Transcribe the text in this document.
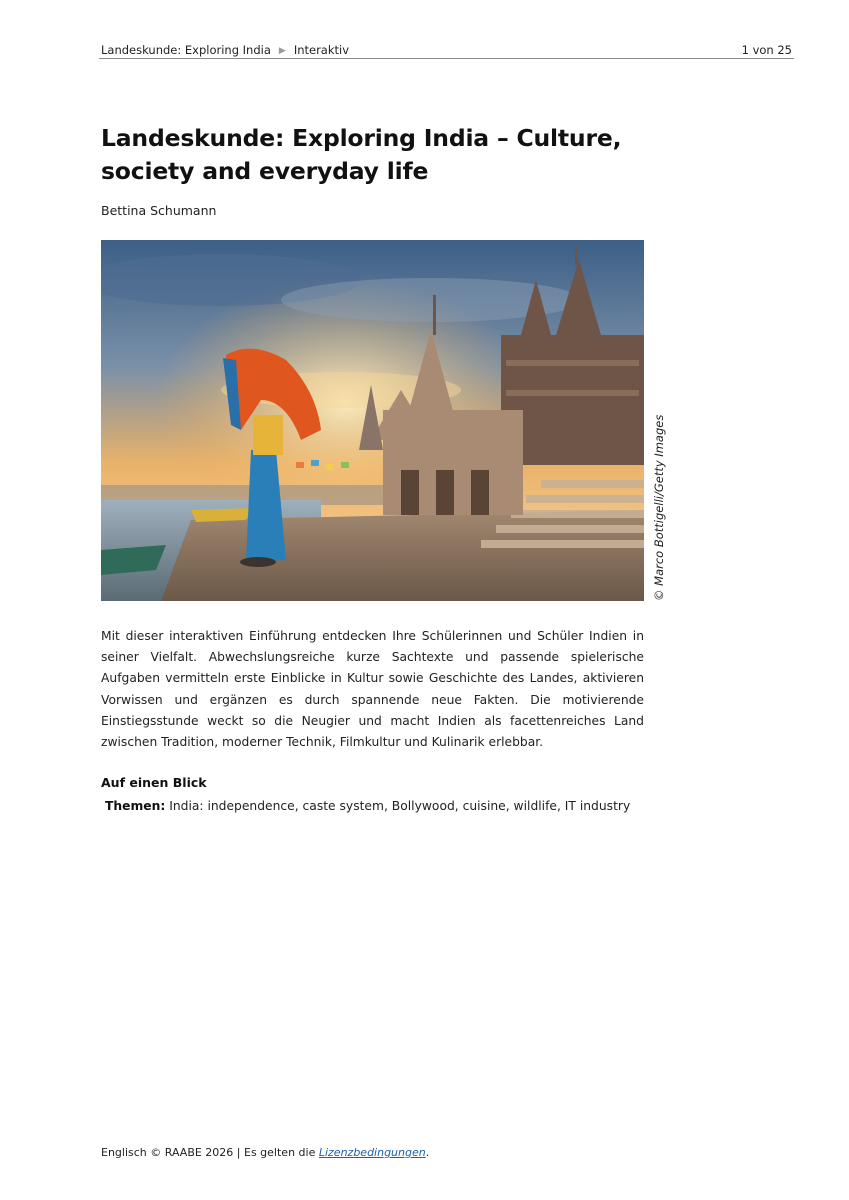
Landeskunde: Exploring India ▶ Interaktiv	1 von 25
Landeskunde: Exploring India – Culture, society and everyday life
Bettina Schumann
© Marco Bottigelli/Getty Images

Mit dieser interaktiven Einführung entdecken Ihre Schülerinnen und Schüler Indien in seiner Vielfalt. Abwechslungsreiche kurze Sachtexte und passende spielerische Aufgaben vermitteln erste Einblicke in Kultur sowie Geschichte des Landes, aktivieren Vorwissen und ergänzen es durch spannende neue Fakten. Die motivierende Einstiegsstunde weckt so die Neugier und macht Indien als facettenreiches Land zwischen Tradition, moderner Technik, Filmkultur und Kulinarik erlebbar.

Auf einen Blick
Themen: India: independence, caste system, Bollywood, cuisine, wildlife, IT industry
Englisch © RAABE 2026 | Es gelten die Lizenzbedingungen.
